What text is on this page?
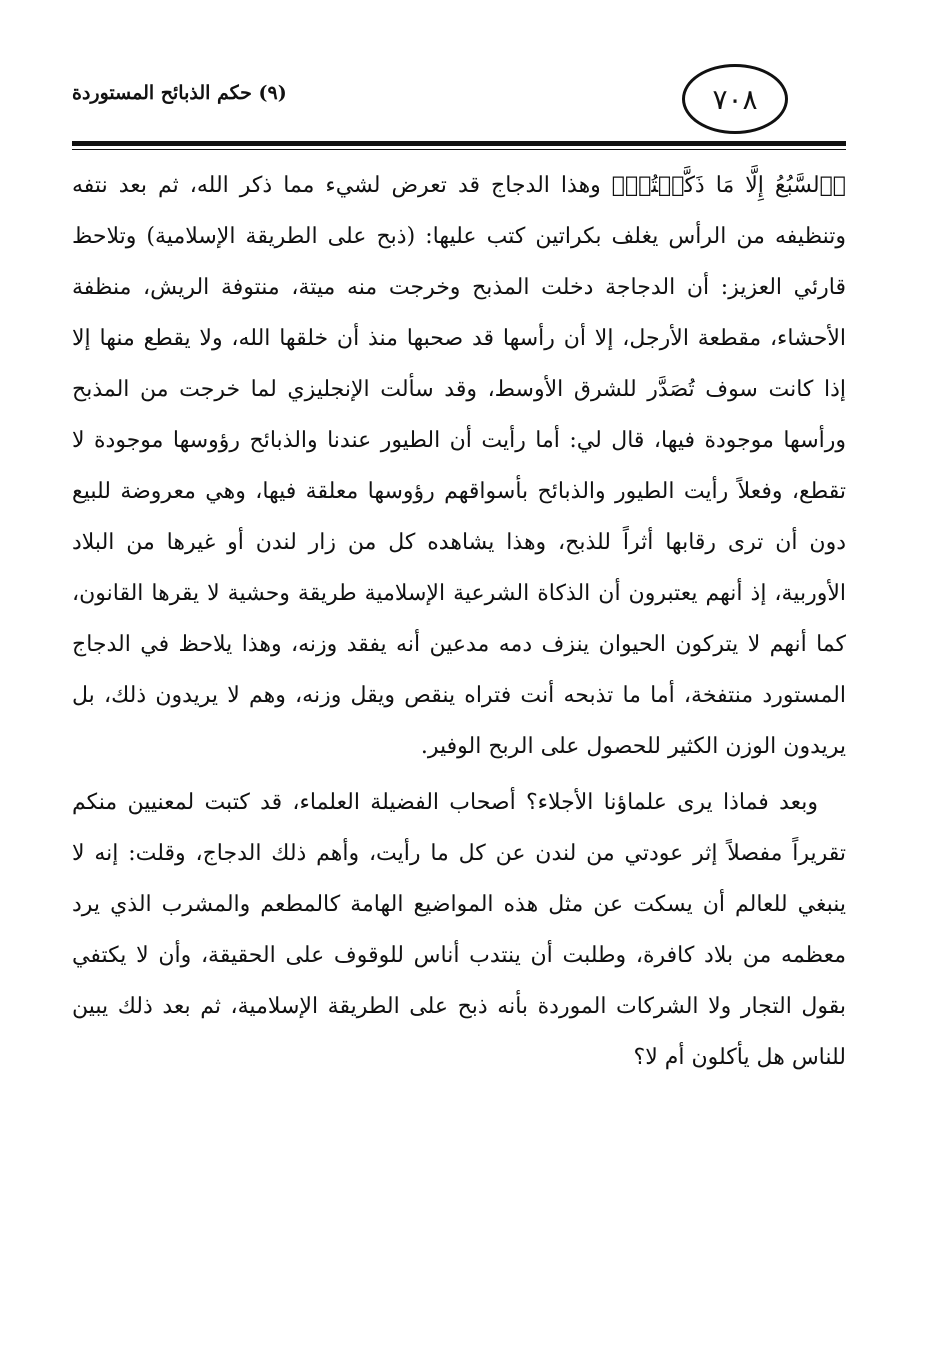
٧٠٨
(٩) حكم الذبائح المستوردة

﴿ٱلسَّبُعُ إِلَّا مَا ذَكَّيۡتُمۡ﴾ وهذا الدجاج قد تعرض لشيء مما ذكر الله، ثم بعد نتفه وتنظيفه من الرأس يغلف بكراتين كتب عليها: (ذبح على الطريقة الإسلامية) وتلاحظ قارئي العزيز: أن الدجاجة دخلت المذبح وخرجت منه ميتة، منتوفة الريش، منظفة الأحشاء، مقطعة الأرجل، إلا أن رأسها قد صحبها منذ أن خلقها الله، ولا يقطع منها إلا إذا كانت سوف تُصَدَّر للشرق الأوسط، وقد سألت الإنجليزي لما خرجت من المذبح ورأسها موجودة فيها، قال لي: أما رأيت أن الطيور عندنا والذبائح رؤوسها موجودة لا تقطع، وفعلاً رأيت الطيور والذبائح بأسواقهم رؤوسها معلقة فيها، وهي معروضة للبيع دون أن ترى رقابها أثراً للذبح، وهذا يشاهده كل من زار لندن أو غيرها من البلاد الأوربية، إذ أنهم يعتبرون أن الذكاة الشرعية الإسلامية طريقة وحشية لا يقرها القانون، كما أنهم لا يتركون الحيوان ينزف دمه مدعين أنه يفقد وزنه، وهذا يلاحظ في الدجاج المستورد منتفخة، أما ما تذبحه أنت فتراه ينقص ويقل وزنه، وهم لا يريدون ذلك، بل يريدون الوزن الكثير للحصول على الربح الوفير.

وبعد فماذا يرى علماؤنا الأجلاء؟ أصحاب الفضيلة العلماء، قد كتبت لمعنيين منكم تقريراً مفصلاً إثر عودتي من لندن عن كل ما رأيت، وأهم ذلك الدجاج، وقلت: إنه لا ينبغي للعالم أن يسكت عن مثل هذه المواضيع الهامة كالمطعم والمشرب الذي يرد معظمه من بلاد كافرة، وطلبت أن ينتدب أناس للوقوف على الحقيقة، وأن لا يكتفي بقول التجار ولا الشركات الموردة بأنه ذبح على الطريقة الإسلامية، ثم بعد ذلك يبين للناس هل يأكلون أم لا؟
